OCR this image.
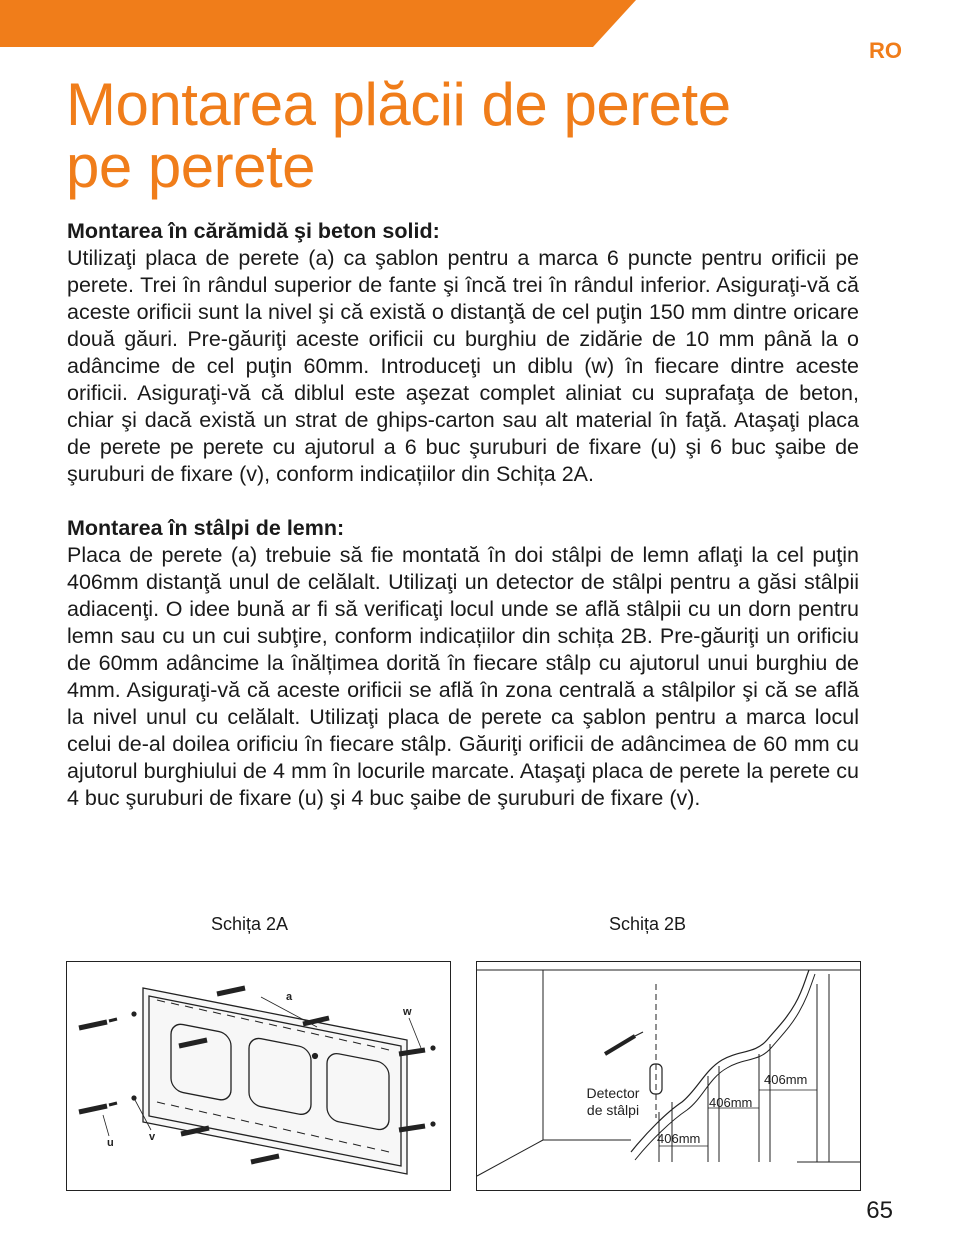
RO
Montarea plăcii de perete
pe perete
Montarea în cărămidă şi beton solid:

Utilizaţi placa de perete (a) ca şablon pentru a marca 6 puncte pentru orificii pe perete. Trei în rândul superior de fante şi încă trei în rândul inferior. Asiguraţi-vă că aceste orificii sunt la nivel şi că există o distanţă de cel puţin 150 mm dintre oricare două găuri. Pre-găuriţi aceste orificii cu burghiu de zidărie de 10 mm până la o adâncime de cel puţin 60mm. Introduceţi un diblu (w) în fiecare dintre aceste orificii. Asiguraţi-vă că diblul este aşezat complet aliniat cu suprafaţa de beton, chiar şi dacă există un strat de ghips-carton sau alt material în faţă. Ataşaţi placa de perete pe perete cu ajutorul a 6 buc şuruburi de fixare (u) şi 6 buc şaibe de şuruburi de fixare (v), conform indicațiilor din Schița 2A.

Montarea în stâlpi de lemn:

Placa de perete (a) trebuie să fie montată în doi stâlpi de lemn aflaţi la cel puţin 406mm distanţă unul de celălalt. Utilizaţi un detector de stâlpi pentru a găsi stâlpii adiacenţi. O idee bună ar fi să verificaţi locul unde se află stâlpii cu un dorn pentru lemn sau cu un cui subţire, conform indicațiilor din schița 2B. Pre-găuriţi un orificiu de 60mm adâncime la înălțimea dorită în fiecare stâlp cu ajutorul unui burghiu de 4mm. Asiguraţi-vă că aceste orificii se află în zona centrală a stâlpilor şi că se află la nivel unul cu celălalt. Utilizaţi placa de perete ca şablon pentru a marca locul celui de-al doilea orificiu în fiecare stâlp. Găuriţi orificii de adâncimea de 60 mm cu ajutorul burghiului de 4 mm în locurile marcate. Ataşaţi placa de perete la perete cu 4 buc şuruburi de fixare (u) şi 4 buc şaibe de şuruburi de fixare (v).

Schița 2A	Schița 2B
a
w
u	v
Detector
de stâlpi
406mm
406mm
406mm
65
